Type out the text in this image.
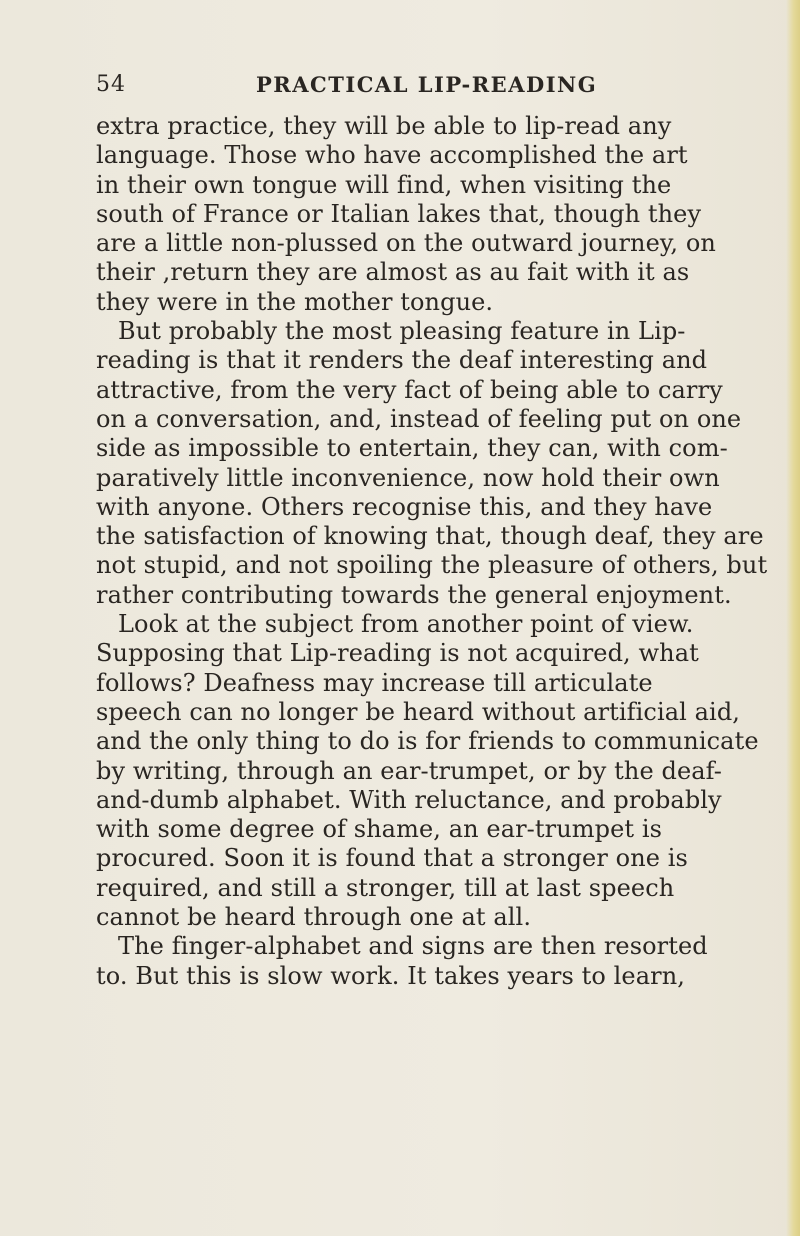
54	PRACTICAL LIP-READING
extra practice, they will be able to lip-read any
language. Those who have accomplished the art
in their own tongue will find, when visiting the
south of France or Italian lakes that, though they
are a little non-plussed on the outward journey, on
their ,return they are almost as au fait with it as
they were in the mother tongue.
But probably the most pleasing feature in Lip-
reading is that it renders the deaf interesting and
attractive, from the very fact of being able to carry
on a conversation, and, instead of feeling put on one
side as impossible to entertain, they can, with com-
paratively little inconvenience, now hold their own
with anyone. Others recognise this, and they have
the satisfaction of knowing that, though deaf, they are
not stupid, and not spoiling the pleasure of others, but
rather contributing towards the general enjoyment.
Look at the subject from another point of view.
Supposing that Lip-reading is not acquired, what
follows? Deafness may increase till articulate
speech can no longer be heard without artificial aid,
and the only thing to do is for friends to communicate
by writing, through an ear-trumpet, or by the deaf-
and-dumb alphabet. With reluctance, and probably
with some degree of shame, an ear-trumpet is
procured. Soon it is found that a stronger one is
required, and still a stronger, till at last speech
cannot be heard through one at all.
The finger-alphabet and signs are then resorted
to. But this is slow work. It takes years to learn,
